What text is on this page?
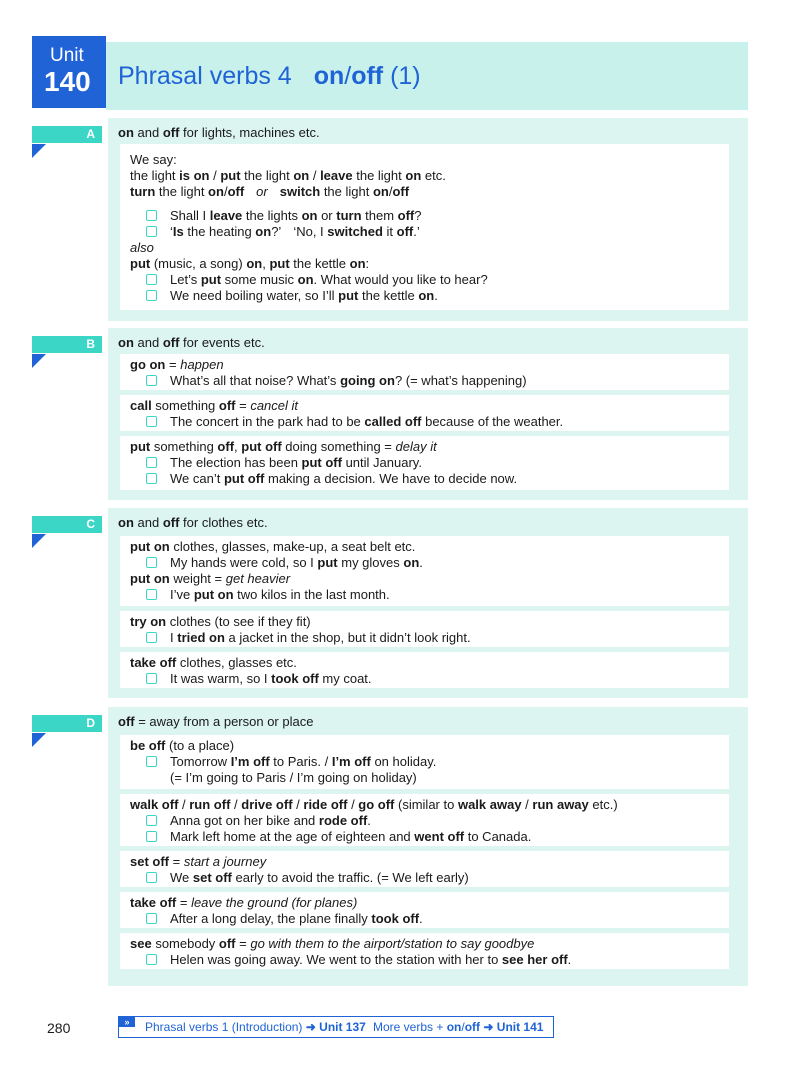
Unit
140 Phrasal verbs 4 on/off (1)
A	on and off for lights, machines etc.
We say:
the light is on / put the light on / leave the light on etc.
turn the light on/off or switch the light on/off
Shall I leave the lights on or turn them off?
‘Is the heating on?’ ‘No, I switched it off.’
also
put (music, a song) on, put the kettle on:
Let’s put some music on. What would you like to hear?
We need boiling water, so I’ll put the kettle on.
B	on and off for events etc.
go on = happen
What’s all that noise? What’s going on? (= what’s happening)
call something off = cancel it
The concert in the park had to be called off because of the weather.
put something off, put off doing something = delay it
The election has been put off until January.
We can’t put off making a decision. We have to decide now.
C	on and off for clothes etc.
put on clothes, glasses, make-up, a seat belt etc.
My hands were cold, so I put my gloves on.
put on weight = get heavier
I’ve put on two kilos in the last month.
try on clothes (to see if they fit)
I tried on a jacket in the shop, but it didn’t look right.
take off clothes, glasses etc.
It was warm, so I took off my coat.
D	off = away from a person or place
be off (to a place)
Tomorrow I’m off to Paris. / I’m off on holiday.
(= I’m going to Paris / I’m going on holiday)
walk off / run off / drive off / ride off / go off (similar to walk away / run away etc.)
Anna got on her bike and rode off.
Mark left home at the age of eighteen and went off to Canada.
set off = start a journey
We set off early to avoid the traffic. (= We left early)
take off = leave the ground (for planes)
After a long delay, the plane finally took off.
see somebody off = go with them to the airport/station to say goodbye
Helen was going away. We went to the station with her to see her off.
280	»	Phrasal verbs 1 (Introduction) ➜ Unit 137 More verbs + on/off ➜ Unit 141
